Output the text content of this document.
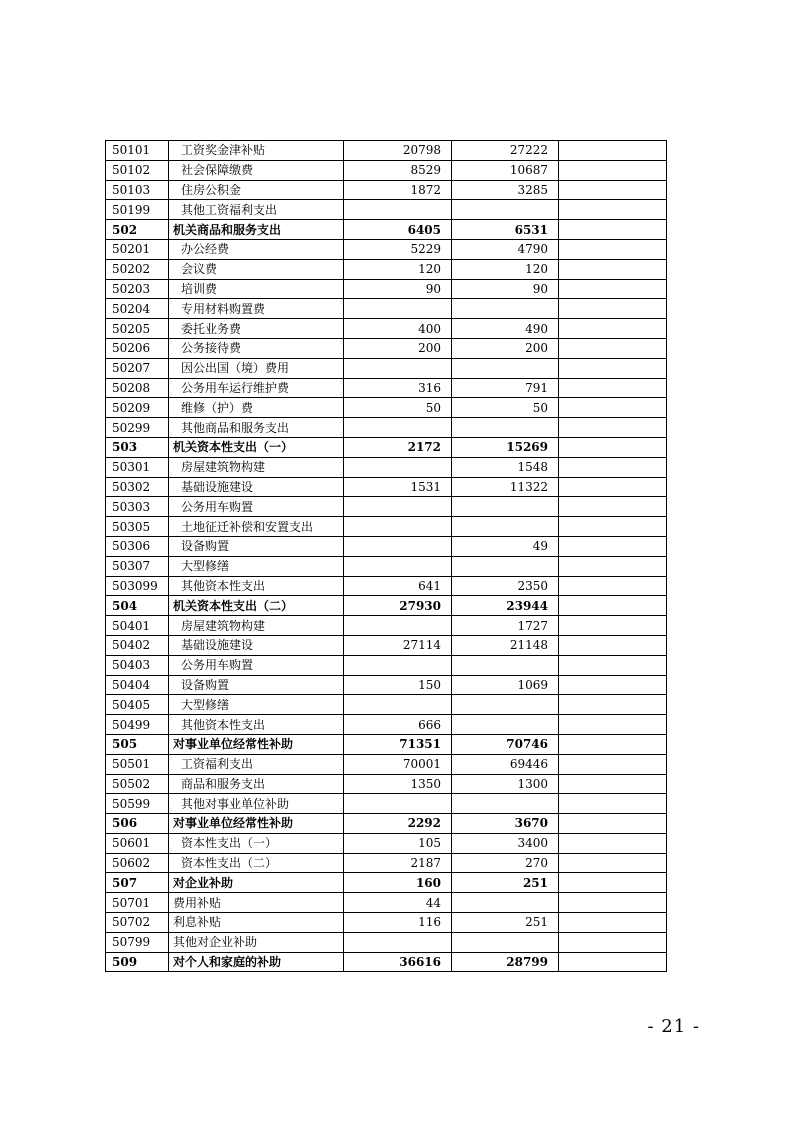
50101	工资奖金津补贴	20798	27222	
50102	社会保障缴费	8529	10687	
50103	住房公积金	1872	3285	
50199	其他工资福利支出			
502	机关商品和服务支出	6405	6531	
50201	办公经费	5229	4790	
50202	会议费	120	120	
50203	培训费	90	90	
50204	专用材料购置费			
50205	委托业务费	400	490	
50206	公务接待费	200	200	
50207	因公出国（境）费用			
50208	公务用车运行维护费	316	791	
50209	维修（护）费	50	50	
50299	其他商品和服务支出			
503	机关资本性支出（一）	2172	15269	
50301	房屋建筑物构建		1548	
50302	基础设施建设	1531	11322	
50303	公务用车购置			
50305	土地征迁补偿和安置支出			
50306	设备购置		49	
50307	大型修缮			
503099	其他资本性支出	641	2350	
504	机关资本性支出（二）	27930	23944	
50401	房屋建筑物构建		1727	
50402	基础设施建设	27114	21148	
50403	公务用车购置			
50404	设备购置	150	1069	
50405	大型修缮			
50499	其他资本性支出	666		
505	对事业单位经常性补助	71351	70746	
50501	工资福利支出	70001	69446	
50502	商品和服务支出	1350	1300	
50599	其他对事业单位补助			
506	对事业单位经常性补助	2292	3670	
50601	资本性支出（一）	105	3400	
50602	资本性支出（二）	2187	270	
507	对企业补助	160	251	
50701	费用补贴	44		
50702	利息补贴	116	251	
50799	其他对企业补助			
509	对个人和家庭的补助	36616	28799	
- 21 -
